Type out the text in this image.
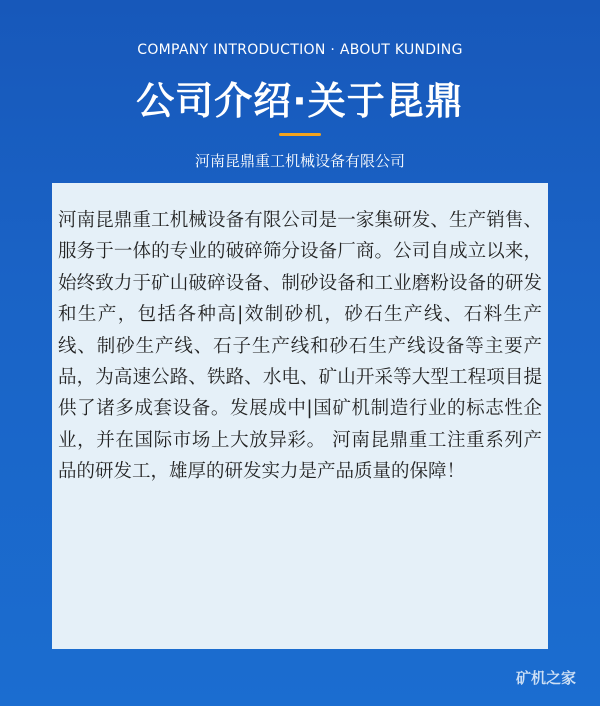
COMPANY INTRODUCTION · ABOUT KUNDING
公司介绍·关于昆鼎
河南昆鼎重工机械设备有限公司

河南昆鼎重工机械设备有限公司是一家集研发、生产销售、服务于一体的专业的破碎筛分设备厂商。公司自成立以来，始终致力于矿山破碎设备、制砂设备和工业磨粉设备的研发和生产，包括各种高|效制砂机，砂石生产线、石料生产线、制砂生产线、石子生产线和砂石生产线设备等主要产品，为高速公路、铁路、水电、矿山开采等大型工程项目提供了诸多成套设备。发展成中|国矿机制造行业的标志性企业，并在国际市场上大放异彩。 河南昆鼎重工注重系列产品的研发工，雄厚的研发实力是产品质量的保障！

矿机之家
